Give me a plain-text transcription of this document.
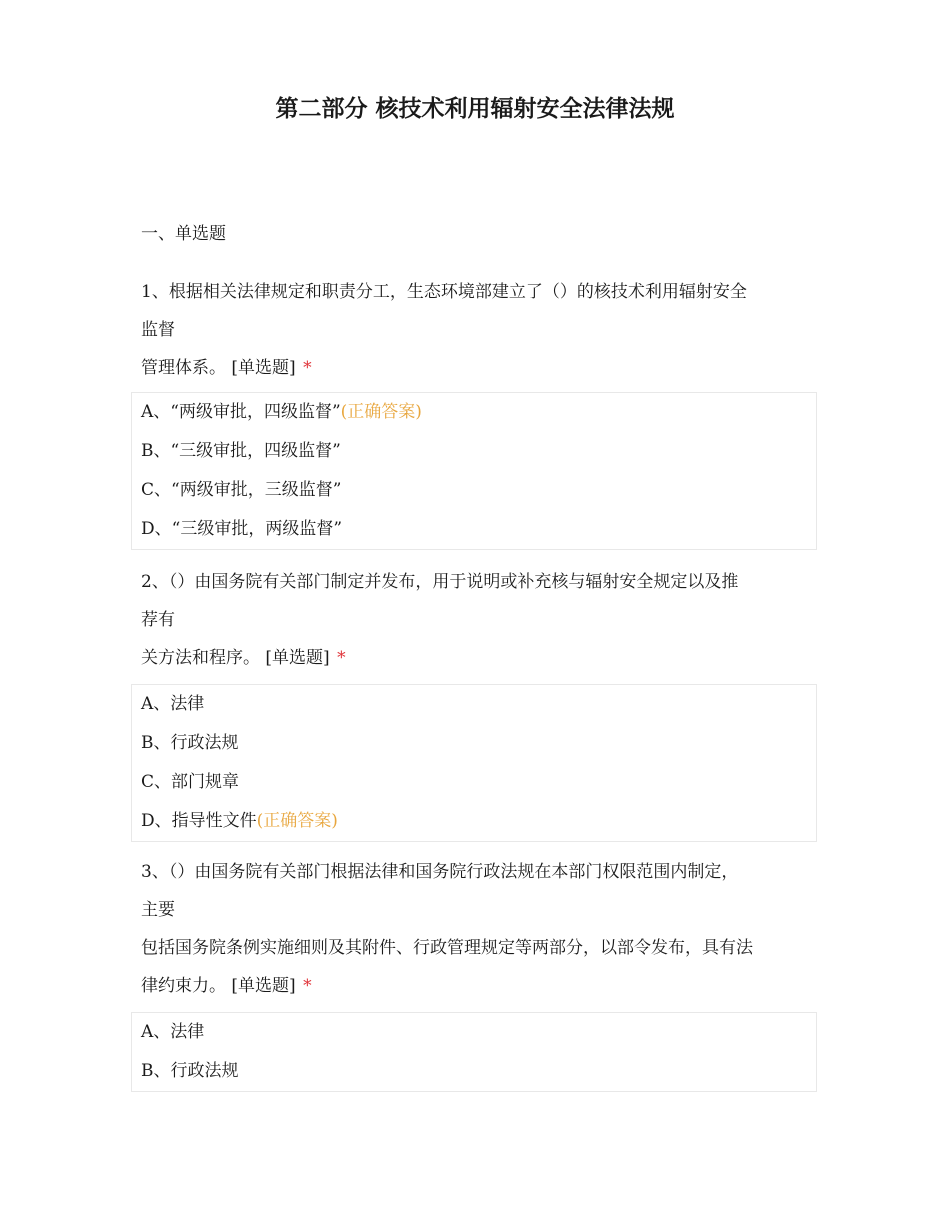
第二部分 核技术利用辐射安全法律法规
一、单选题
1、根据相关法律规定和职责分工，生态环境部建立了（）的核技术利用辐射安全
监督
管理体系。 [单选题] *
A、“两级审批，四级监督”(正确答案)
B、“三级审批，四级监督”
C、“两级审批，三级监督”
D、“三级审批，两级监督”
2、（）由国务院有关部门制定并发布，用于说明或补充核与辐射安全规定以及推
荐有
关方法和程序。 [单选题] *
A、法律
B、行政法规
C、部门规章
D、指导性文件(正确答案)
3、（）由国务院有关部门根据法律和国务院行政法规在本部门权限范围内制定，
主要
包括国务院条例实施细则及其附件、行政管理规定等两部分，以部令发布，具有法
律约束力。 [单选题] *
A、法律
B、行政法规
